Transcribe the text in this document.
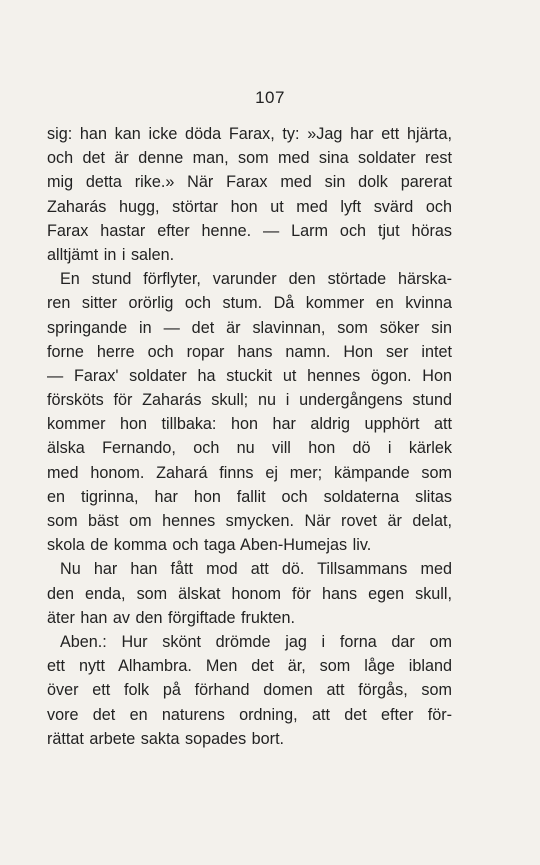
107
sig: han kan icke döda Farax, ty: »Jag har ett hjärta,
och det är denne man, som med sina soldater rest
mig detta rike.» När Farax med sin dolk parerat
Zaharás hugg, störtar hon ut med lyft svärd och
Farax hastar efter henne. — Larm och tjut höras
alltjämt in i salen.
En stund förflyter, varunder den störtade härska-
ren sitter orörlig och stum. Då kommer en kvinna
springande in — det är slavinnan, som söker sin
forne herre och ropar hans namn. Hon ser intet
— Farax' soldater ha stuckit ut hennes ögon. Hon
försköts för Zaharás skull; nu i undergångens stund
kommer hon tillbaka: hon har aldrig upphört att
älska Fernando, och nu vill hon dö i kärlek
med honom. Zahará finns ej mer; kämpande som
en tigrinna, har hon fallit och soldaterna slitas
som bäst om hennes smycken. När rovet är delat,
skola de komma och taga Aben-Humejas liv.
Nu har han fått mod att dö. Tillsammans med
den enda, som älskat honom för hans egen skull,
äter han av den förgiftade frukten.
Aben.: Hur skönt drömde jag i forna dar om
ett nytt Alhambra. Men det är, som låge ibland
över ett folk på förhand domen att förgås, som
vore det en naturens ordning, att det efter för-
rättat arbete sakta sopades bort.
